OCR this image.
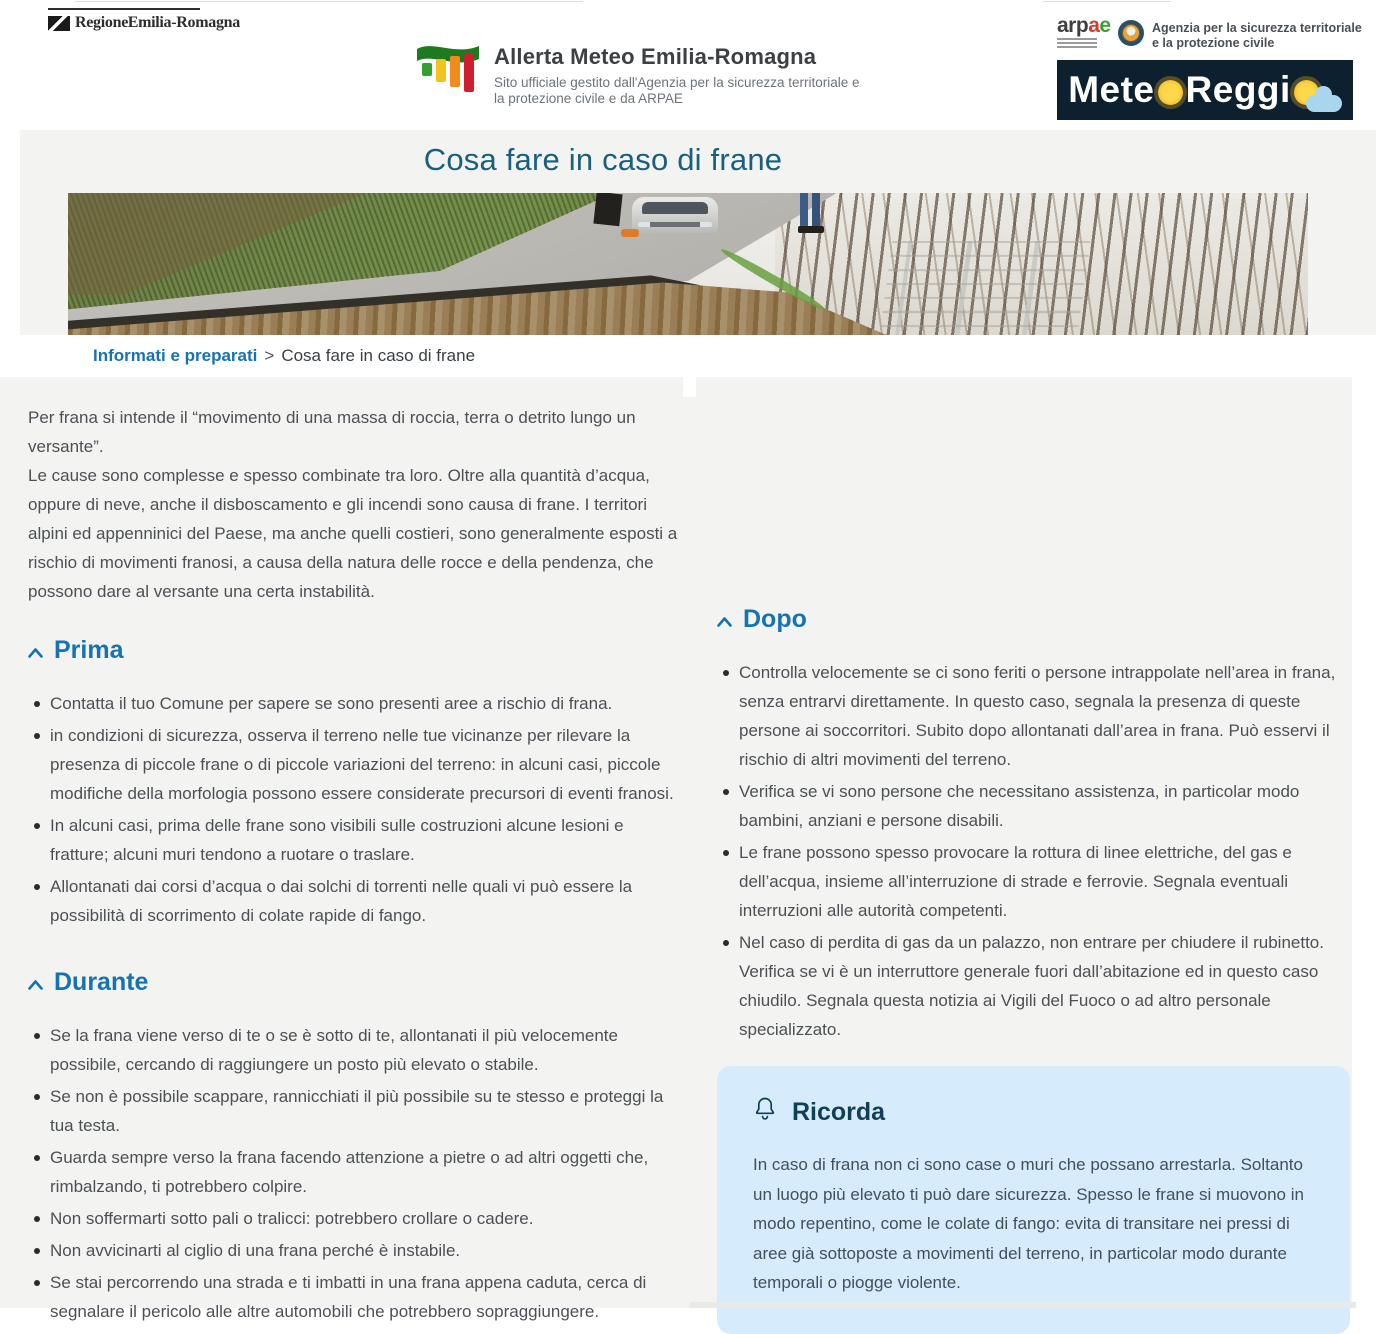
Regione Emilia-Romagna
Allerta Meteo Emilia-Romagna
Sito ufficiale gestito dall'Agenzia per la sicurezza territoriale e
la protezione civile e da ARPAE
arpae	Agenzia per la sicurezza territoriale e la protezione civile
Mete Reggi
Cosa fare in caso di frane
Informati e preparati > Cosa fare in caso di frane

Per frana si intende il “movimento di una massa di roccia, terra o detrito lungo un versante”.

Le cause sono complesse e spesso combinate tra loro. Oltre alla quantità d’acqua, oppure di neve, anche il disboscamento e gli incendi sono causa di frane. I territori alpini ed appenninici del Paese, ma anche quelli costieri, sono generalmente esposti a rischio di movimenti franosi, a causa della natura delle rocce e della pendenza, che possono dare al versante una certa instabilità.

Prima
Contatta il tuo Comune per sapere se sono presenti aree a rischio di frana.
in condizioni di sicurezza, osserva il terreno nelle tue vicinanze per rilevare la presenza di piccole frane o di piccole variazioni del terreno: in alcuni casi, piccole modifiche della morfologia possono essere considerate precursori di eventi franosi.
In alcuni casi, prima delle frane sono visibili sulle costruzioni alcune lesioni e fratture; alcuni muri tendono a ruotare o traslare.
Allontanati dai corsi d’acqua o dai solchi di torrenti nelle quali vi può essere la possibilità di scorrimento di colate rapide di fango.
Durante
Se la frana viene verso di te o se è sotto di te, allontanati il più velocemente possibile, cercando di raggiungere un posto più elevato o stabile.
Se non è possibile scappare, rannicchiati il più possibile su te stesso e proteggi la tua testa.
Guarda sempre verso la frana facendo attenzione a pietre o ad altri oggetti che, rimbalzando, ti potrebbero colpire.
Non soffermarti sotto pali o tralicci: potrebbero crollare o cadere.
Non avvicinarti al ciglio di una frana perché è instabile.
Se stai percorrendo una strada e ti imbatti in una frana appena caduta, cerca di segnalare il pericolo alle altre automobili che potrebbero sopraggiungere.
Dopo
Controlla velocemente se ci sono feriti o persone intrappolate nell’area in frana, senza entrarvi direttamente. In questo caso, segnala la presenza di queste persone ai soccorritori. Subito dopo allontanati dall’area in frana. Può esservi il rischio di altri movimenti del terreno.
Verifica se vi sono persone che necessitano assistenza, in particolar modo bambini, anziani e persone disabili.
Le frane possono spesso provocare la rottura di linee elettriche, del gas e dell’acqua, insieme all’interruzione di strade e ferrovie. Segnala eventuali interruzioni alle autorità competenti.
Nel caso di perdita di gas da un palazzo, non entrare per chiudere il rubinetto. Verifica se vi è un interruttore generale fuori dall’abitazione ed in questo caso chiudilo. Segnala questa notizia ai Vigili del Fuoco o ad altro personale specializzato.
Ricorda

In caso di frana non ci sono case o muri che possano arrestarla. Soltanto un luogo più elevato ti può dare sicurezza. Spesso le frane si muovono in modo repentino, come le colate di fango: evita di transitare nei pressi di aree già sottoposte a movimenti del terreno, in particolar modo durante temporali o piogge violente.
